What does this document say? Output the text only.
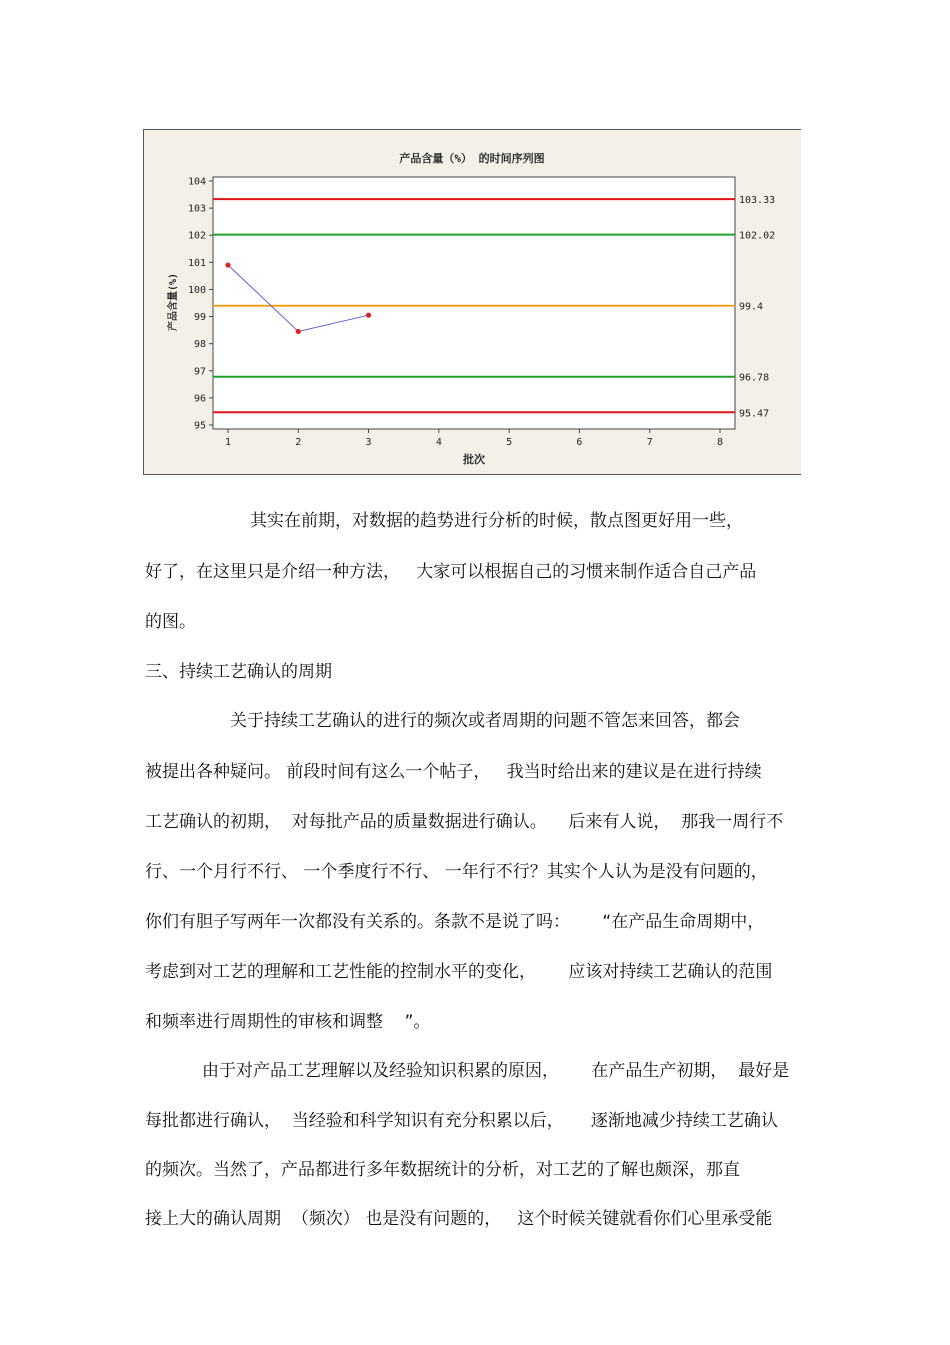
产品含量（%） 的时间序列图
95
96
97
98
99
100
101
102
103
104
1	2	3	4	5	6	7	8
103.33
102.02
99.4
96.78
95.47
批次
产品含量(%)
其实在前期，对数据的趋势进行分析的时候，散点图更好用一些，
好了，在这里只是介绍一种方法，   大家可以根据自己的习惯来制作适合自己产品
的图。
三、持续工艺确认的周期
关于持续工艺确认的进行的频次或者周期的问题不管怎来回答，都会
被提出各种疑问。 前段时间有这么一个帖子，   我当时给出来的建议是在进行持续
工艺确认的初期，  对每批产品的质量数据进行确认。    后来有人说，  那我一周行不
行、一个月行不行、 一个季度行不行、 一年行不行？其实个人认为是没有问题的，
你们有胆子写两年一次都没有关系的。条款不是说了吗：      “在产品生命周期中，
考虑到对工艺的理解和工艺性能的控制水平的变化，      应该对持续工艺确认的范围
和频率进行周期性的审核和调整    ”。
由于对产品工艺理解以及经验知识积累的原因，      在产品生产初期，  最好是
每批都进行确认，  当经验和科学知识有充分积累以后，     逐渐地减少持续工艺确认
的频次。当然了，产品都进行多年数据统计的分析，对工艺的了解也颇深，那直
接上大的确认周期  （频次） 也是没有问题的，   这个时候关键就看你们心里承受能
